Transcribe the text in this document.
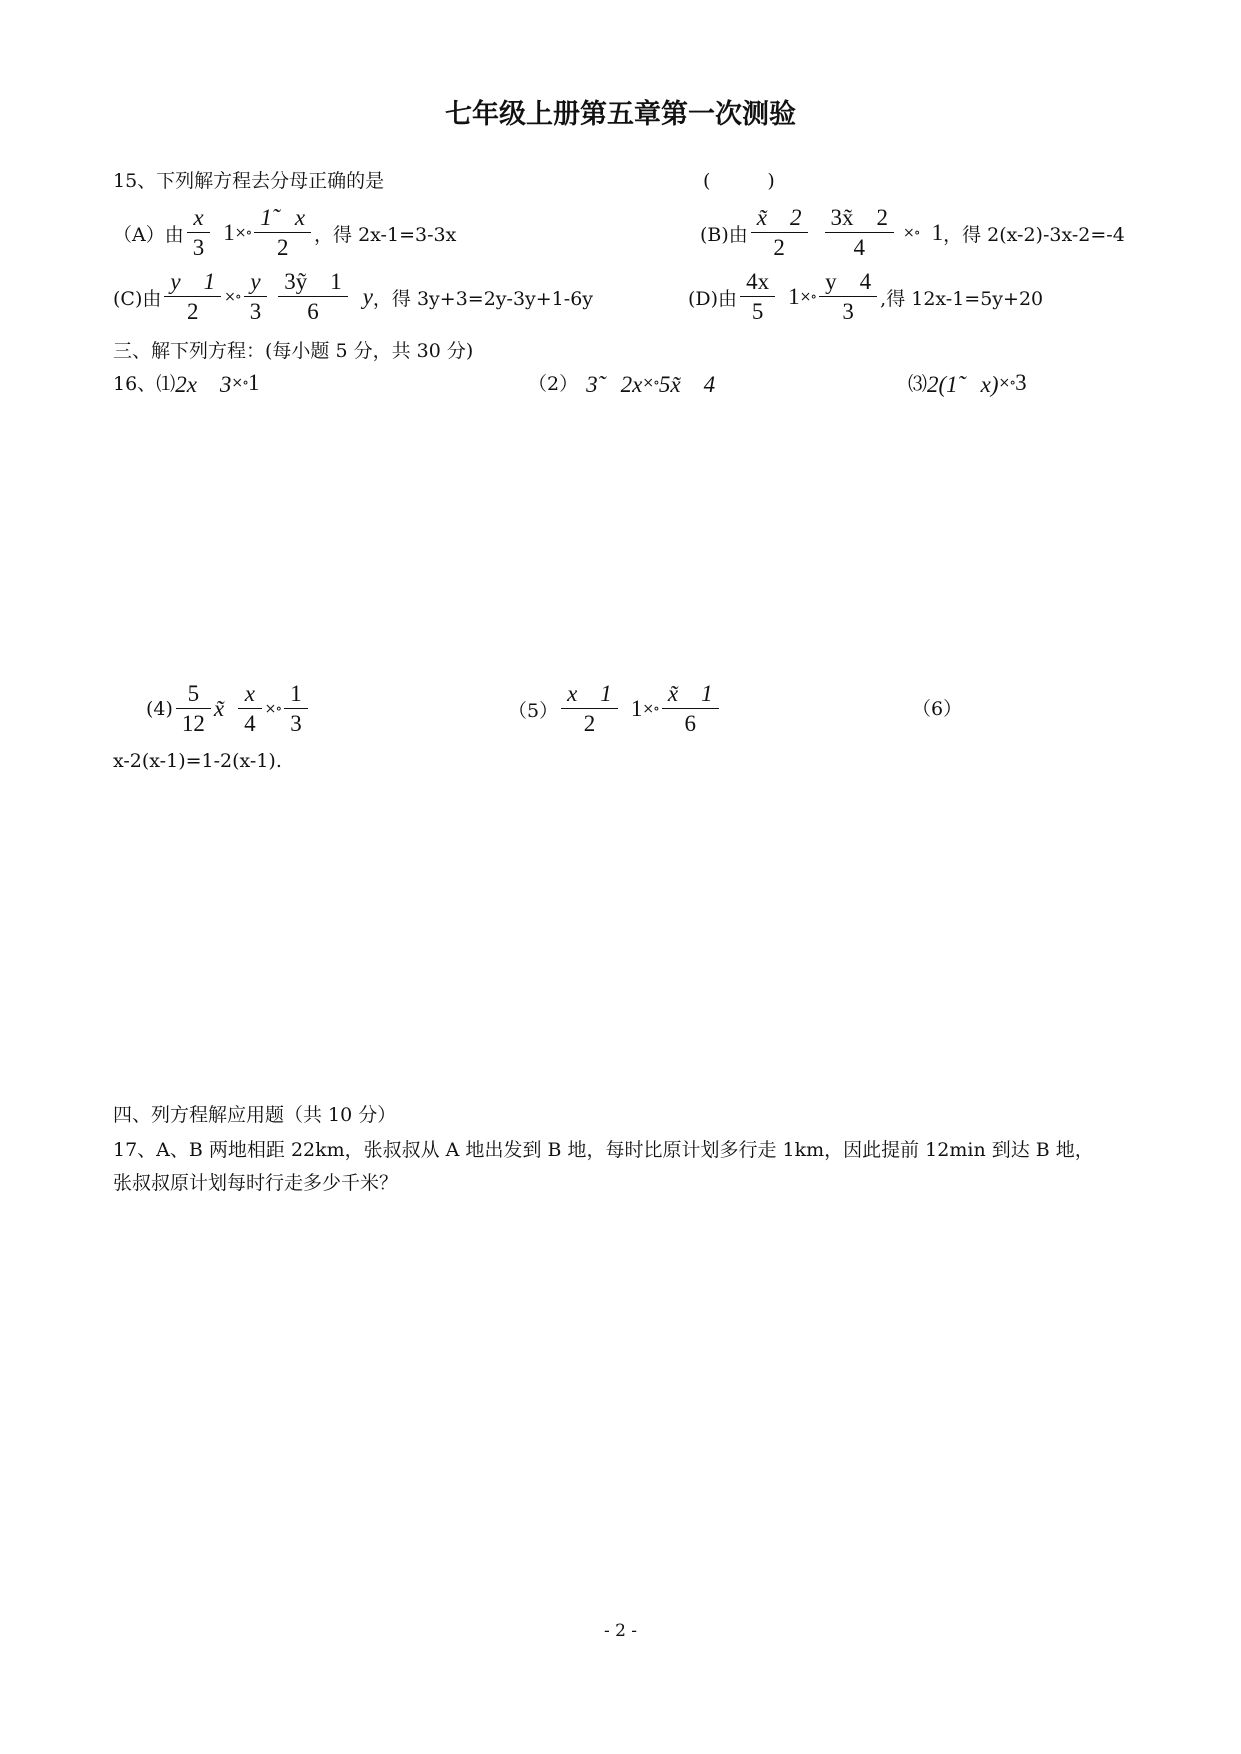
七年级上册第五章第一次测验
15、下列解方程去分母正确的是	(　　　)
（A）由 $\frac{x}{3} 1$ ×∘ $\frac{1̃ x}{2}$ ，得 2x-1=3-3x	(B)由 $\frac{x̃ 2}{2} \frac{3x̃ 2}{4}$ ×∘ 1 ，得 2(x-2)-3x-2=-4
(C)由 $\frac{y 1}{2}$ ×∘ $\frac{y}{3} \frac{\text{3ỹ　1}}{6}$ y ，得 3y+3=2y-3y+1-6y	(D)由 $\frac{4x}{5} 1$ ×∘ $\frac{y 4}{3}$ ,得 12x-1=5y+20
三、解下列方程：(每小题 5 分，共 30 分)
16、 ⑴ 2x　3 ×∘ 1	（2） 3̃　2x ×∘ 5x̃　4	⑶ 2(1̃　x) ×∘ 3
$(4) \frac{5}{12}$ x̃ $\frac{x}{4}$ ×∘ $\frac{1}{3}$	$(5) \frac{x 1}{2} 1$ ×∘ $\frac{x̃ 1}{6}$	（6）
x-2(x-1)=1-2(x-1).
四、列方程解应用题（共 10 分）
17、A、B 两地相距 22km，张叔叔从 A 地出发到 B 地，每时比原计划多行走 1km，因此提前 12min 到达 B 地，
张叔叔原计划每时行走多少千米？
- 2 -
